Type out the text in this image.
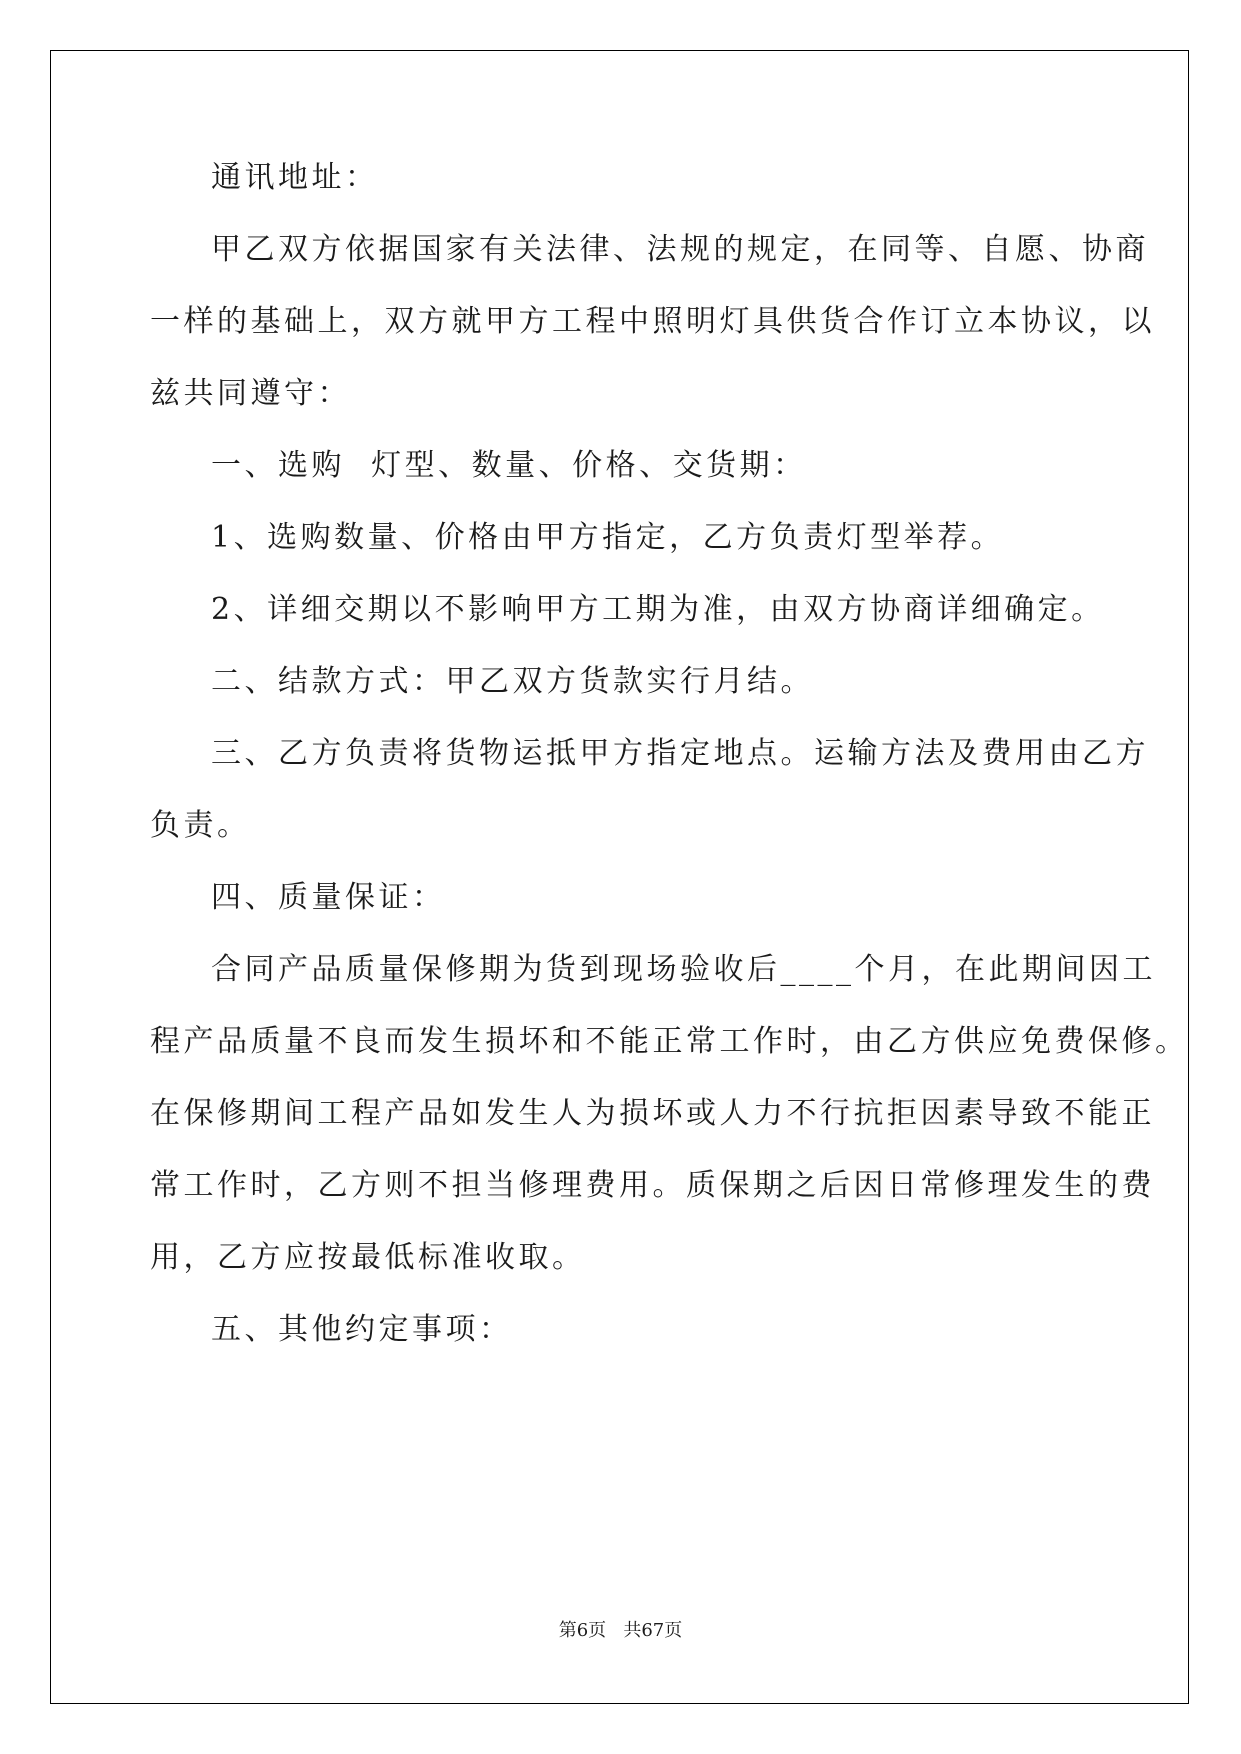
通讯地址：
甲乙双方依据国家有关法律、法规的规定，在同等、自愿、协商
一样的基础上，双方就甲方工程中照明灯具供货合作订立本协议，以
兹共同遵守：
一、选购  灯型、数量、价格、交货期：
1、选购数量、价格由甲方指定，乙方负责灯型举荐。
2、详细交期以不影响甲方工期为准，由双方协商详细确定。
二、结款方式：甲乙双方货款实行月结。
三、乙方负责将货物运抵甲方指定地点。运输方法及费用由乙方
负责。
四、质量保证：
合同产品质量保修期为货到现场验收后____个月，在此期间因工
程产品质量不良而发生损坏和不能正常工作时，由乙方供应免费保修。
在保修期间工程产品如发生人为损坏或人力不行抗拒因素导致不能正
常工作时，乙方则不担当修理费用。质保期之后因日常修理发生的费
用，乙方应按最低标准收取。
五、其他约定事项：
第6页   共67页
